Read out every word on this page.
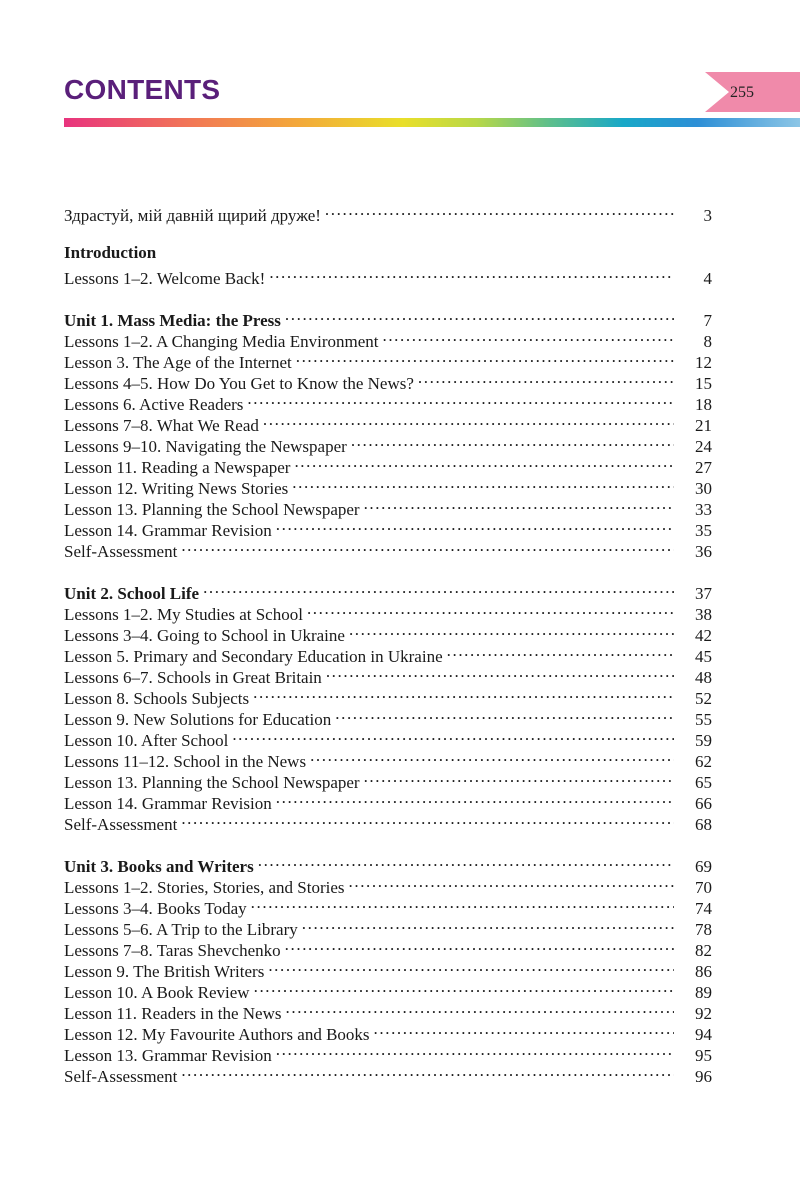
CONTENTS	255
Здрастуй, мій давній щирий друже! .....	3
Introduction
Lessons 1–2. Welcome Back! .....	4
Unit 1. Mass Media: the Press .....	7
Lessons 1–2. A Changing Media Environment .....	8
Lesson 3. The Age of the Internet .....	12
Lessons 4–5. How Do You Get to Know the News? .....	15
Lessons 6. Active Readers .....	18
Lessons 7–8. What We Read .....	21
Lessons 9–10. Navigating the Newspaper .....	24
Lesson 11. Reading a Newspaper .....	27
Lesson 12. Writing News Stories .....	30
Lesson 13. Planning the School Newspaper .....	33
Lesson 14. Grammar Revision .....	35
Self-Assessment .....	36
Unit 2. School Life .....	37
Lessons 1–2. My Studies at School .....	38
Lessons 3–4. Going to School in Ukraine .....	42
Lesson 5. Primary and Secondary Education in Ukraine .....	45
Lessons 6–7. Schools in Great Britain .....	48
Lesson 8. Schools Subjects .....	52
Lesson 9. New Solutions for Education .....	55
Lesson 10. After School .....	59
Lessons 11–12. School in the News .....	62
Lesson 13. Planning the School Newspaper .....	65
Lesson 14. Grammar Revision .....	66
Self-Assessment .....	68
Unit 3. Books and Writers .....	69
Lessons 1–2. Stories, Stories, and Stories .....	70
Lessons 3–4. Books Today .....	74
Lessons 5–6. A Trip to the Library .....	78
Lessons 7–8. Taras Shevchenko .....	82
Lesson 9. The British Writers .....	86
Lesson 10. A Book Review .....	89
Lesson 11. Readers in the News .....	92
Lesson 12. My Favourite Authors and Books .....	94
Lesson 13. Grammar Revision .....	95
Self-Assessment .....	96
